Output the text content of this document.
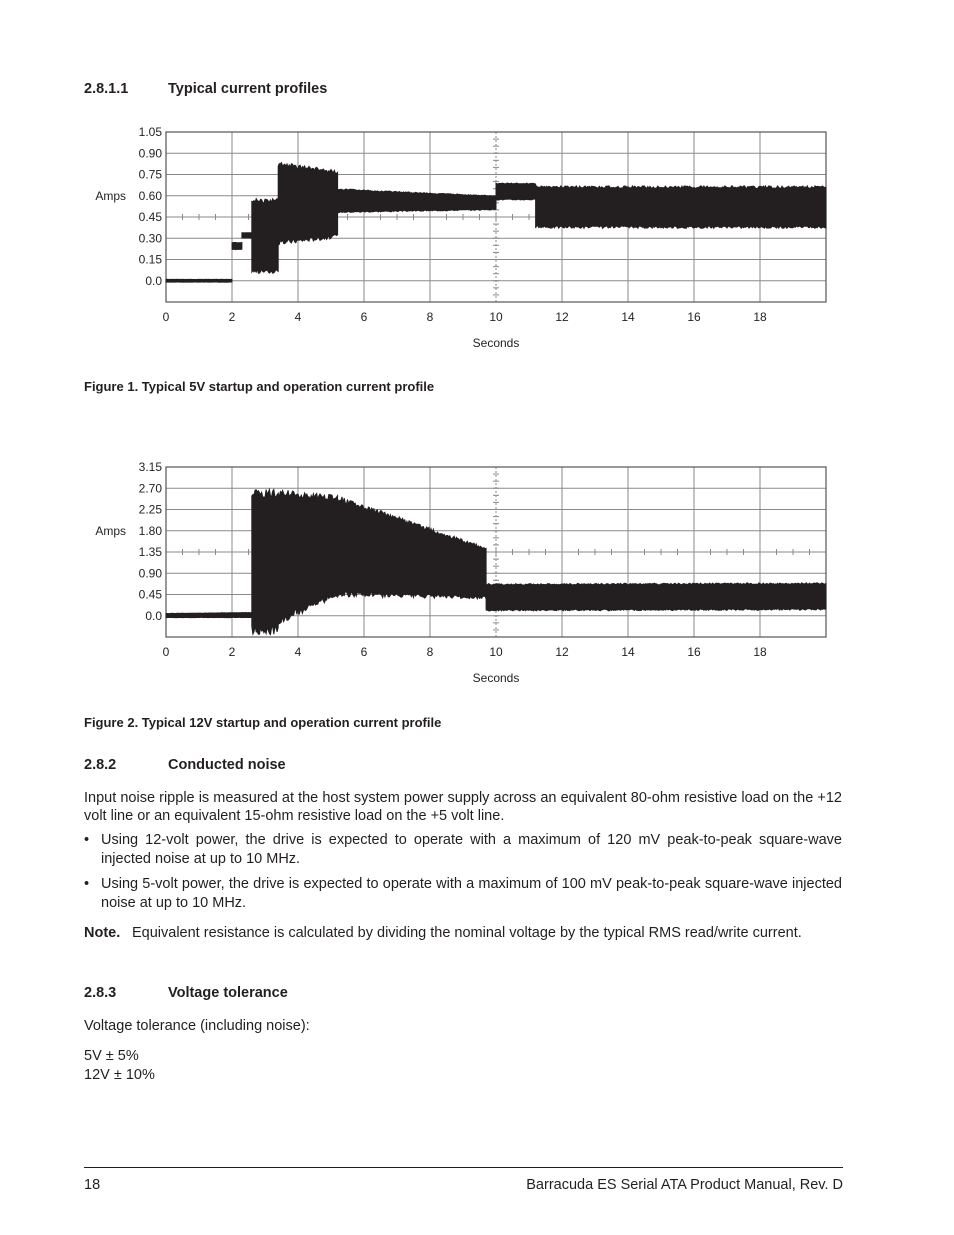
2.8.1.1	Typical current profiles
0.0
0.15
0.30
0.45
0.60
0.75
0.90
1.05
0	2	4	6	8	10	12	14	16	18
Amps
Seconds
Figure 1. Typical 5V startup and operation current profile
0.0
0.45
0.90
1.35
1.80
2.25
2.70
3.15
0	2	4	6	8	10	12	14	16	18
Amps
Seconds
Figure 2. Typical 12V startup and operation current profile
2.8.2	Conducted noise
Input noise ripple is measured at the host system power supply across an equivalent 80-ohm resistive load on the +12 volt line or an equivalent 15-ohm resistive load on the +5 volt line.
• Using 12-volt power, the drive is expected to operate with a maximum of 120 mV peak-to-peak square-wave injected noise at up to 10 MHz.
• Using 5-volt power, the drive is expected to operate with a maximum of 100 mV peak-to-peak square-wave injected noise at up to 10 MHz.
Note. Equivalent resistance is calculated by dividing the nominal voltage by the typical RMS read/write current.
2.8.3	Voltage tolerance
Voltage tolerance (including noise):
5V ± 5%
12V ± 10%
18	Barracuda ES Serial ATA Product Manual, Rev. D
